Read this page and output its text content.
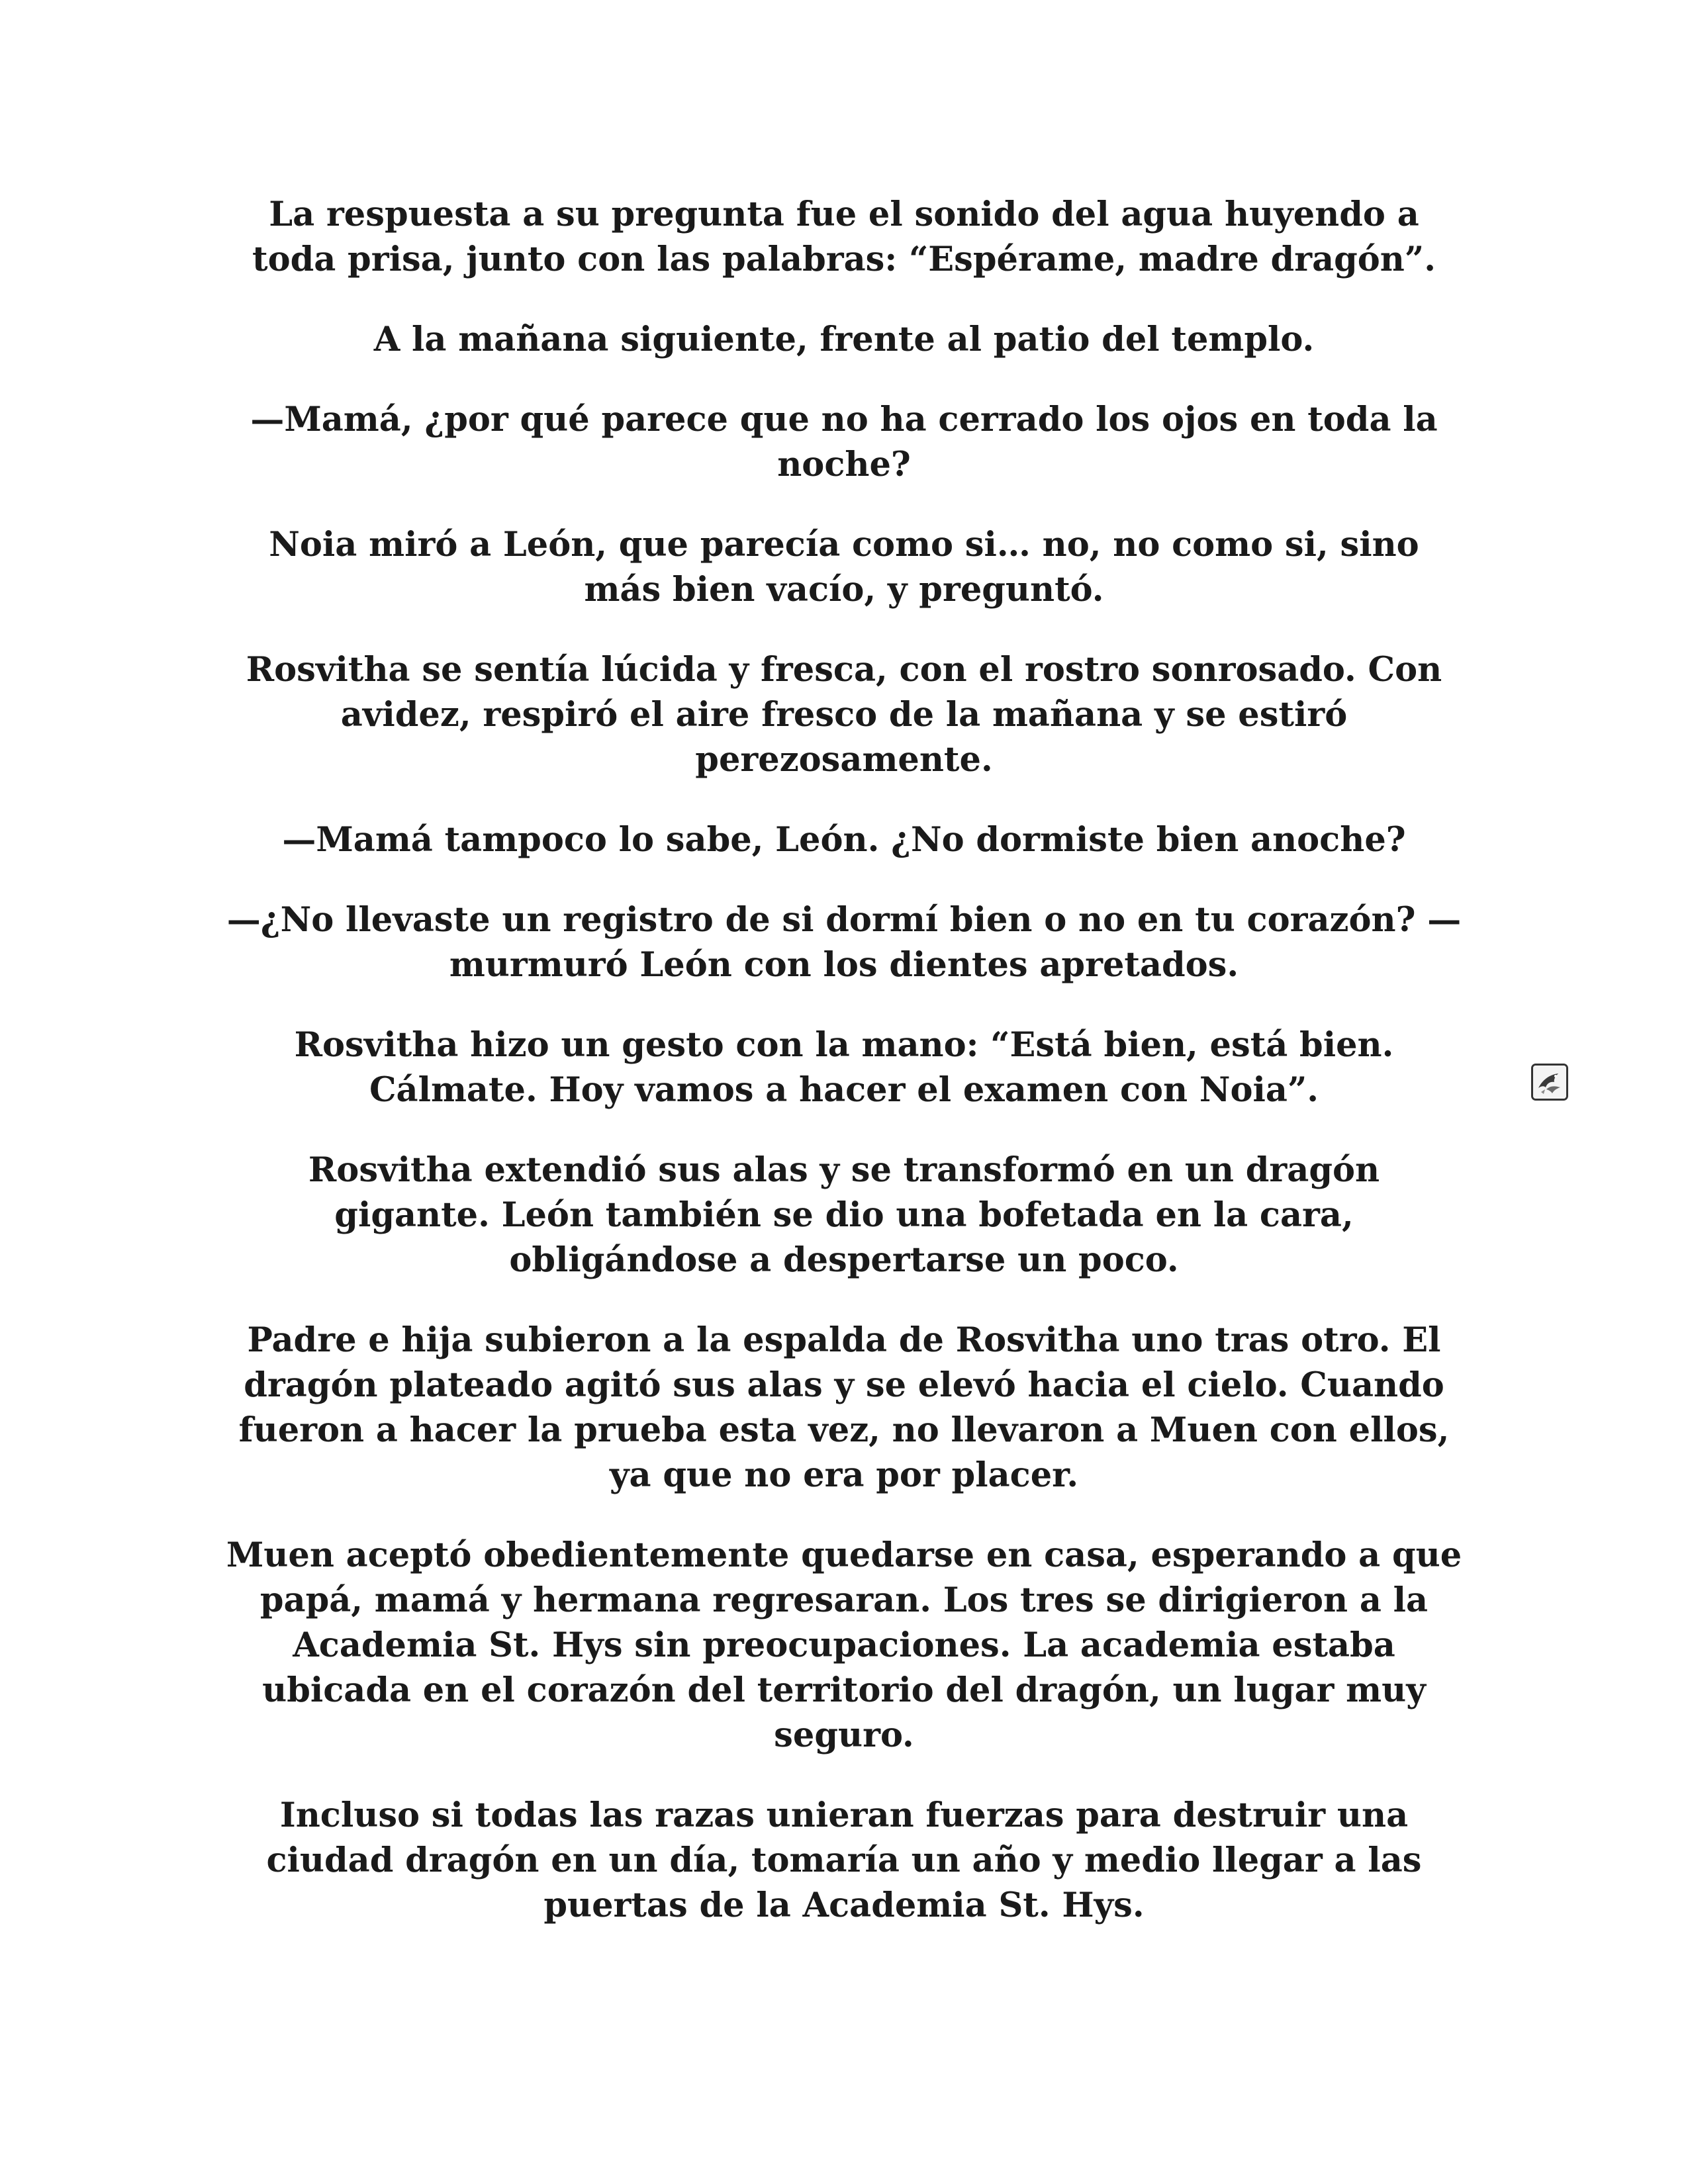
La respuesta a su pregunta fue el sonido del agua huyendo a toda prisa, junto con las palabras: “Espérame, madre dragón”.

A la mañana siguiente, frente al patio del templo.

—Mamá, ¿por qué parece que no ha cerrado los ojos en toda la noche?

Noia miró a León, que parecía como si… no, no como si, sino más bien vacío, y preguntó.

Rosvitha se sentía lúcida y fresca, con el rostro sonrosado. Con avidez, respiró el aire fresco de la mañana y se estiró perezosamente.

—Mamá tampoco lo sabe, León. ¿No dormiste bien anoche?

—¿No llevaste un registro de si dormí bien o no en tu corazón? —murmuró León con los dientes apretados.

Rosvitha hizo un gesto con la mano: “Está bien, está bien. Cálmate. Hoy vamos a hacer el examen con Noia”.

Rosvitha extendió sus alas y se transformó en un dragón gigante. León también se dio una bofetada en la cara, obligándose a despertarse un poco.

Padre e hija subieron a la espalda de Rosvitha uno tras otro. El dragón plateado agitó sus alas y se elevó hacia el cielo. Cuando fueron a hacer la prueba esta vez, no llevaron a Muen con ellos, ya que no era por placer.

Muen aceptó obedientemente quedarse en casa, esperando a que papá, mamá y hermana regresaran. Los tres se dirigieron a la Academia St. Hys sin preocupaciones. La academia estaba ubicada en el corazón del territorio del dragón, un lugar muy seguro.

Incluso si todas las razas unieran fuerzas para destruir una ciudad dragón en un día, tomaría un año y medio llegar a las puertas de la Academia St. Hys.
